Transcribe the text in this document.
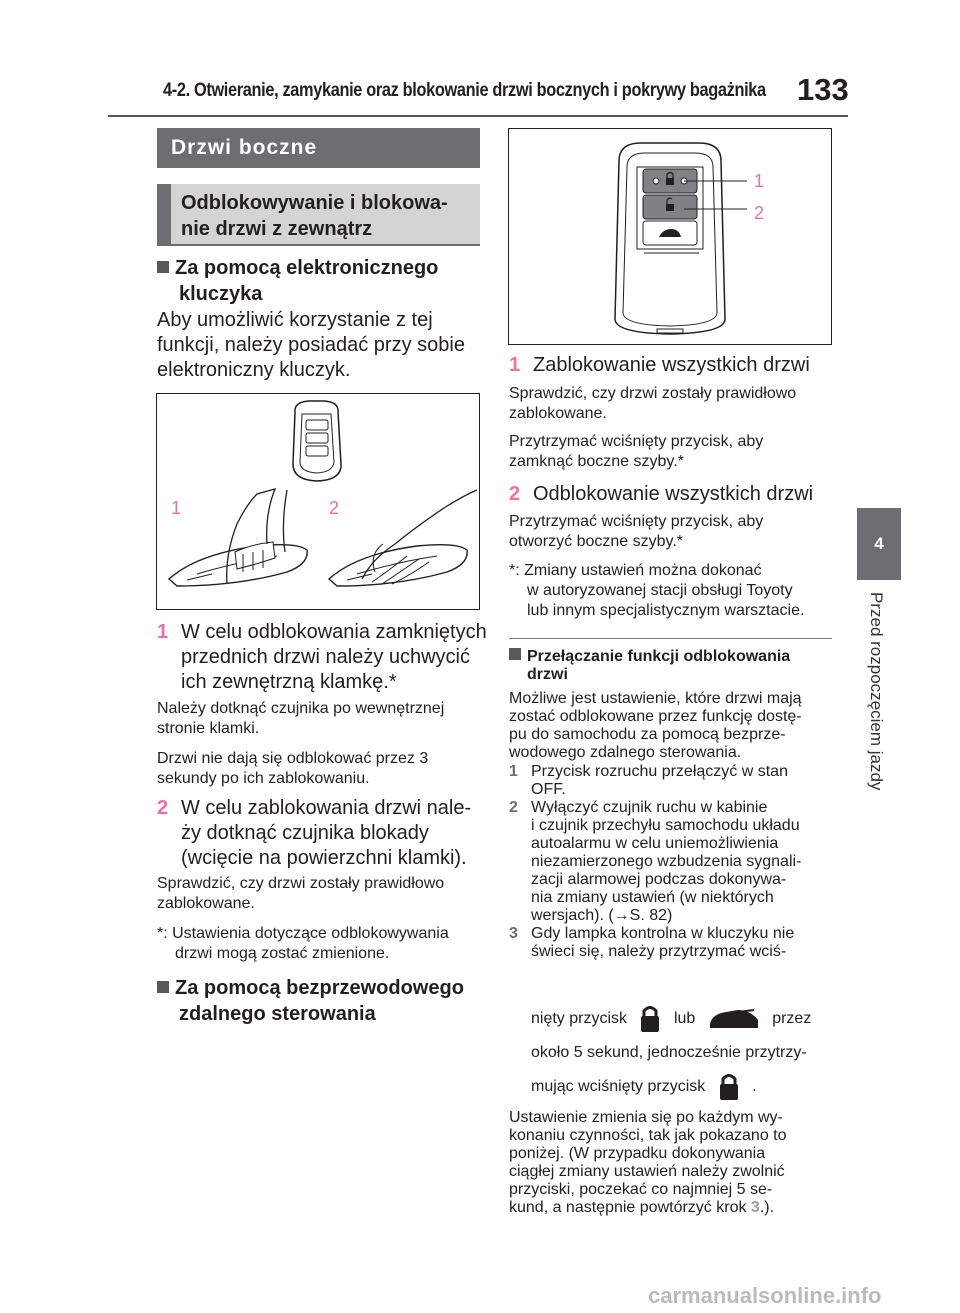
4-2. Otwieranie, zamykanie oraz blokowanie drzwi bocznych i pokrywy bagażnika 133
4
Przed rozpoczęciem jazdy
Drzwi boczne
Odblokowywanie i blokowa-
nie drzwi z zewnątrz
Za pomocą elektronicznego
kluczyka
Aby umożliwić korzystanie z tej
funkcji, należy posiadać przy sobie
elektroniczny kluczyk.
1	2
1 W celu odblokowania zamkniętych
przednich drzwi należy uchwycić
ich zewnętrzną klamkę.*
Należy dotknąć czujnika po wewnętrznej
stronie klamki.
Drzwi nie dają się odblokować przez 3
sekundy po ich zablokowaniu.
2 W celu zablokowania drzwi nale-
ży dotknąć czujnika blokady
(wcięcie na powierzchni klamki).
Sprawdzić, czy drzwi zostały prawidłowo
zablokowane.
*: Ustawienia dotyczące odblokowywania
drzwi mogą zostać zmienione.
Za pomocą bezprzewodowego
zdalnego sterowania
1
2
1 Zablokowanie wszystkich drzwi
Sprawdzić, czy drzwi zostały prawidłowo
zablokowane.
Przytrzymać wciśnięty przycisk, aby
zamknąć boczne szyby.*
2 Odblokowanie wszystkich drzwi
Przytrzymać wciśnięty przycisk, aby
otworzyć boczne szyby.*
*: Zmiany ustawień można dokonać
w autoryzowanej stacji obsługi Toyoty
lub innym specjalistycznym warsztacie.
Przełączanie funkcji odblokowania
drzwi
Możliwe jest ustawienie, które drzwi mają
zostać odblokowane przez funkcję dostę-
pu do samochodu za pomocą bezprze-
wodowego zdalnego sterowania.
1 Przycisk rozruchu przełączyć w stan
OFF.
2 Wyłączyć czujnik ruchu w kabinie
i czujnik przechyłu samochodu układu
autoalarmu w celu uniemożliwienia
niezamierzonego wzbudzenia sygnali-
zacji alarmowej podczas dokonywa-
nia zmiany ustawień (w niektórych
wersjach). (→S. 82)
3 Gdy lampka kontrolna w kluczyku nie
świeci się, należy przytrzymać wciś-
nięty przycisk	lub	przez
około 5 sekund, jednocześnie przytrzy-
mując wciśnięty przycisk	.
Ustawienie zmienia się po każdym wy-
konaniu czynności, tak jak pokazano to
poniżej. (W przypadku dokonywania
ciągłej zmiany ustawień należy zwolnić
przyciski, poczekać co najmniej 5 se-
kund, a następnie powtórzyć krok 3.).
carmanualsonline.info
